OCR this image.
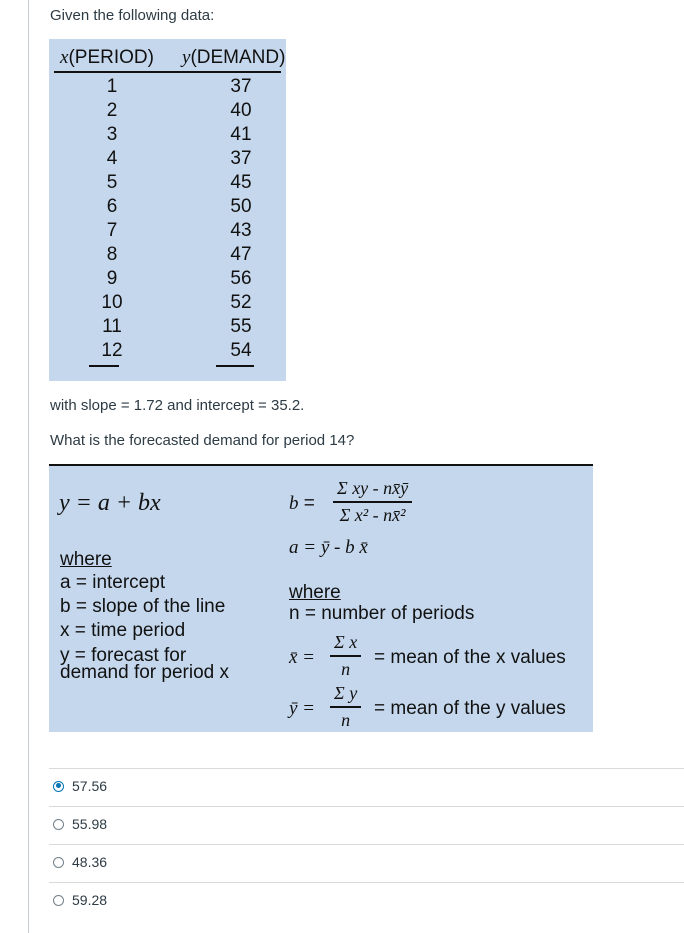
Given the following data:
x(PERIOD) y(DEMAND)
1	37
2	40
3	41
4	37
5	45
6	50
7	43
8	47
9	56
10	52
11	55
12	54
with slope = 1.72 and intercept = 35.2.
What is the forecasted demand for period 14?
y = a + bx	b =
Σ xy - nx̄ȳ
Σ x² - nx̄²
a = ȳ - b x̄
where
a = intercept
b = slope of the line
x = time period
y = forecast for
demand for period x
where
n = number of periods
x̄ =
Σ x
n
= mean of the x values
ȳ =
Σ y
n
= mean of the y values
57.56
55.98
48.36
59.28
